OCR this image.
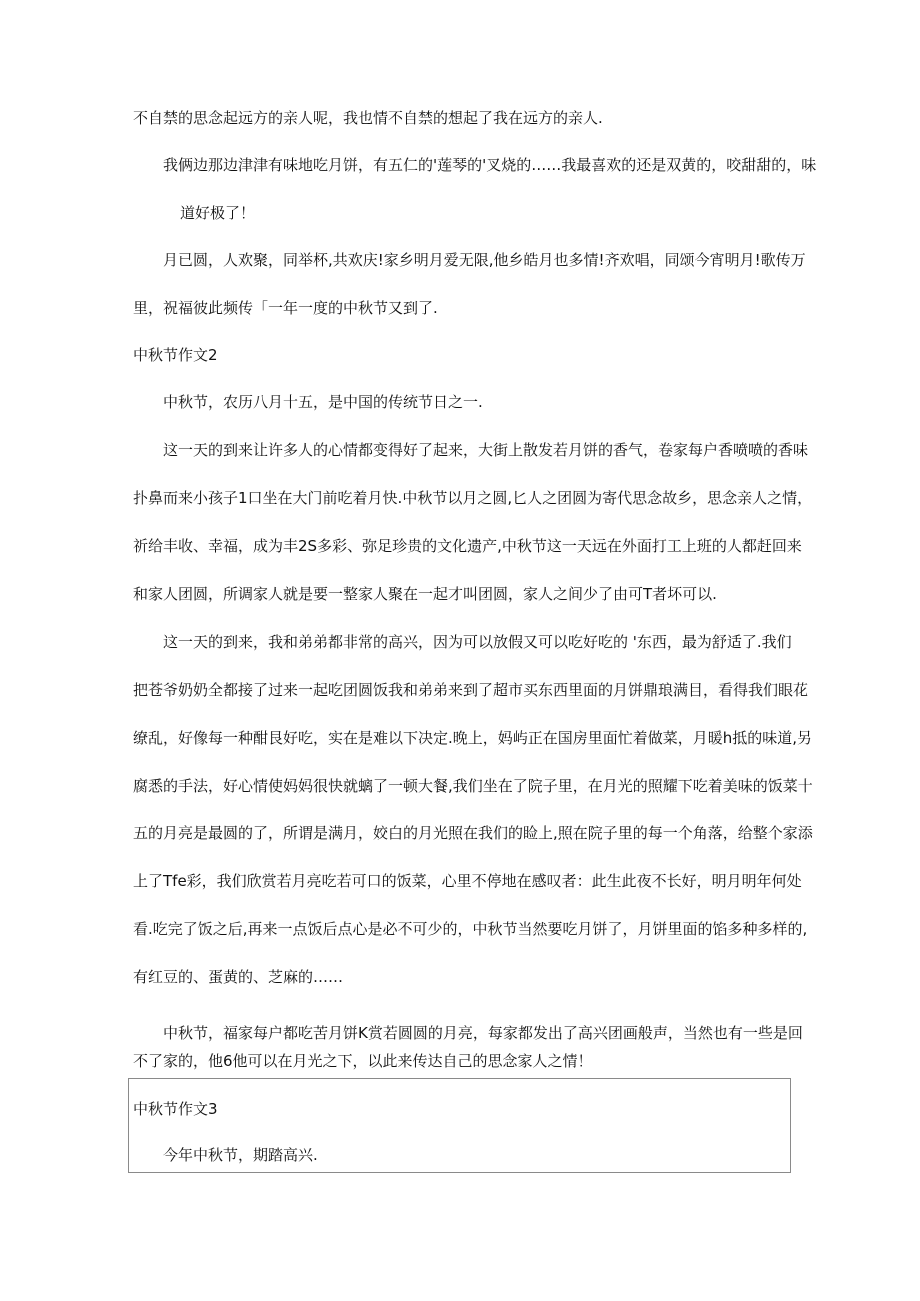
不自禁的思念起远方的亲人呢，我也情不自禁的想起了我在远方的亲人.

我俩边那边津津有味地吃月饼，有五仁的'莲琴的'叉烧的……我最喜欢的还是双黄的，咬甜甜的，味

道好极了！

月已圆，人欢聚，同举杯,共欢庆!家乡明月爱无限,他乡皓月也多情!齐欢唱，同颂今宵明月!歌传万

里，祝福彼此频传「一年一度的中秋节又到了.

中秋节作文2

中秋节，农历八月十五，是中国的传统节日之一.

这一天的到来让许多人的心情都变得好了起来，大街上散发若月饼的香气，卷家每户香喷喷的香味

扑鼻而来小孩子1口坐在大门前吃着月快.中秋节以月之圆,匕人之团圆为寄代思念故乡，思念亲人之情，

祈给丰收、幸福，成为丰2S多彩、弥足珍贵的文化遗产,中秋节这一天远在外面打工上班的人都赶回来

和家人团圆，所调家人就是要一整家人聚在一起才叫团圆，家人之间少了由可T者坏可以.

这一天的到来，我和弟弟都非常的高兴，因为可以放假又可以吃好吃的 '东西，最为舒适了.我们

把苍爷奶奶全都接了过来一起吃团圆饭我和弟弟来到了超市买东西里面的月饼鼎琅满目，看得我们眼花

缭乱，好像每一种酣艮好吃，实在是难以下决定.晚上，妈屿正在国房里面忙着做菜，月暖h抵的味道,另

腐悉的手法，好心情使妈妈很快就螭了一顿大餐,我们坐在了院子里，在月光的照耀下吃着美味的饭菜十

五的月亮是最圆的了，所谓是满月，姣白的月光照在我们的睑上,照在院子里的每一个角落，给整个家添

上了Tfe彩，我们欣赏若月亮吃若可口的饭菜，心里不停地在感叹者：此生此夜不长好，明月明年何处

看.吃完了饭之后,再来一点饭后点心是必不可少的，中秋节当然要吃月饼了，月饼里面的馅多种多样的,

有红豆的、蛋黄的、芝麻的……

中秋节，福家每户都吃苦月饼K赏若圆圆的月亮，每家都发出了高兴团画般声，当然也有一些是回

不了家的，他6他可以在月光之下，以此来传达自己的思念家人之情！

中秋节作文3

今年中秋节，期踏高兴.
